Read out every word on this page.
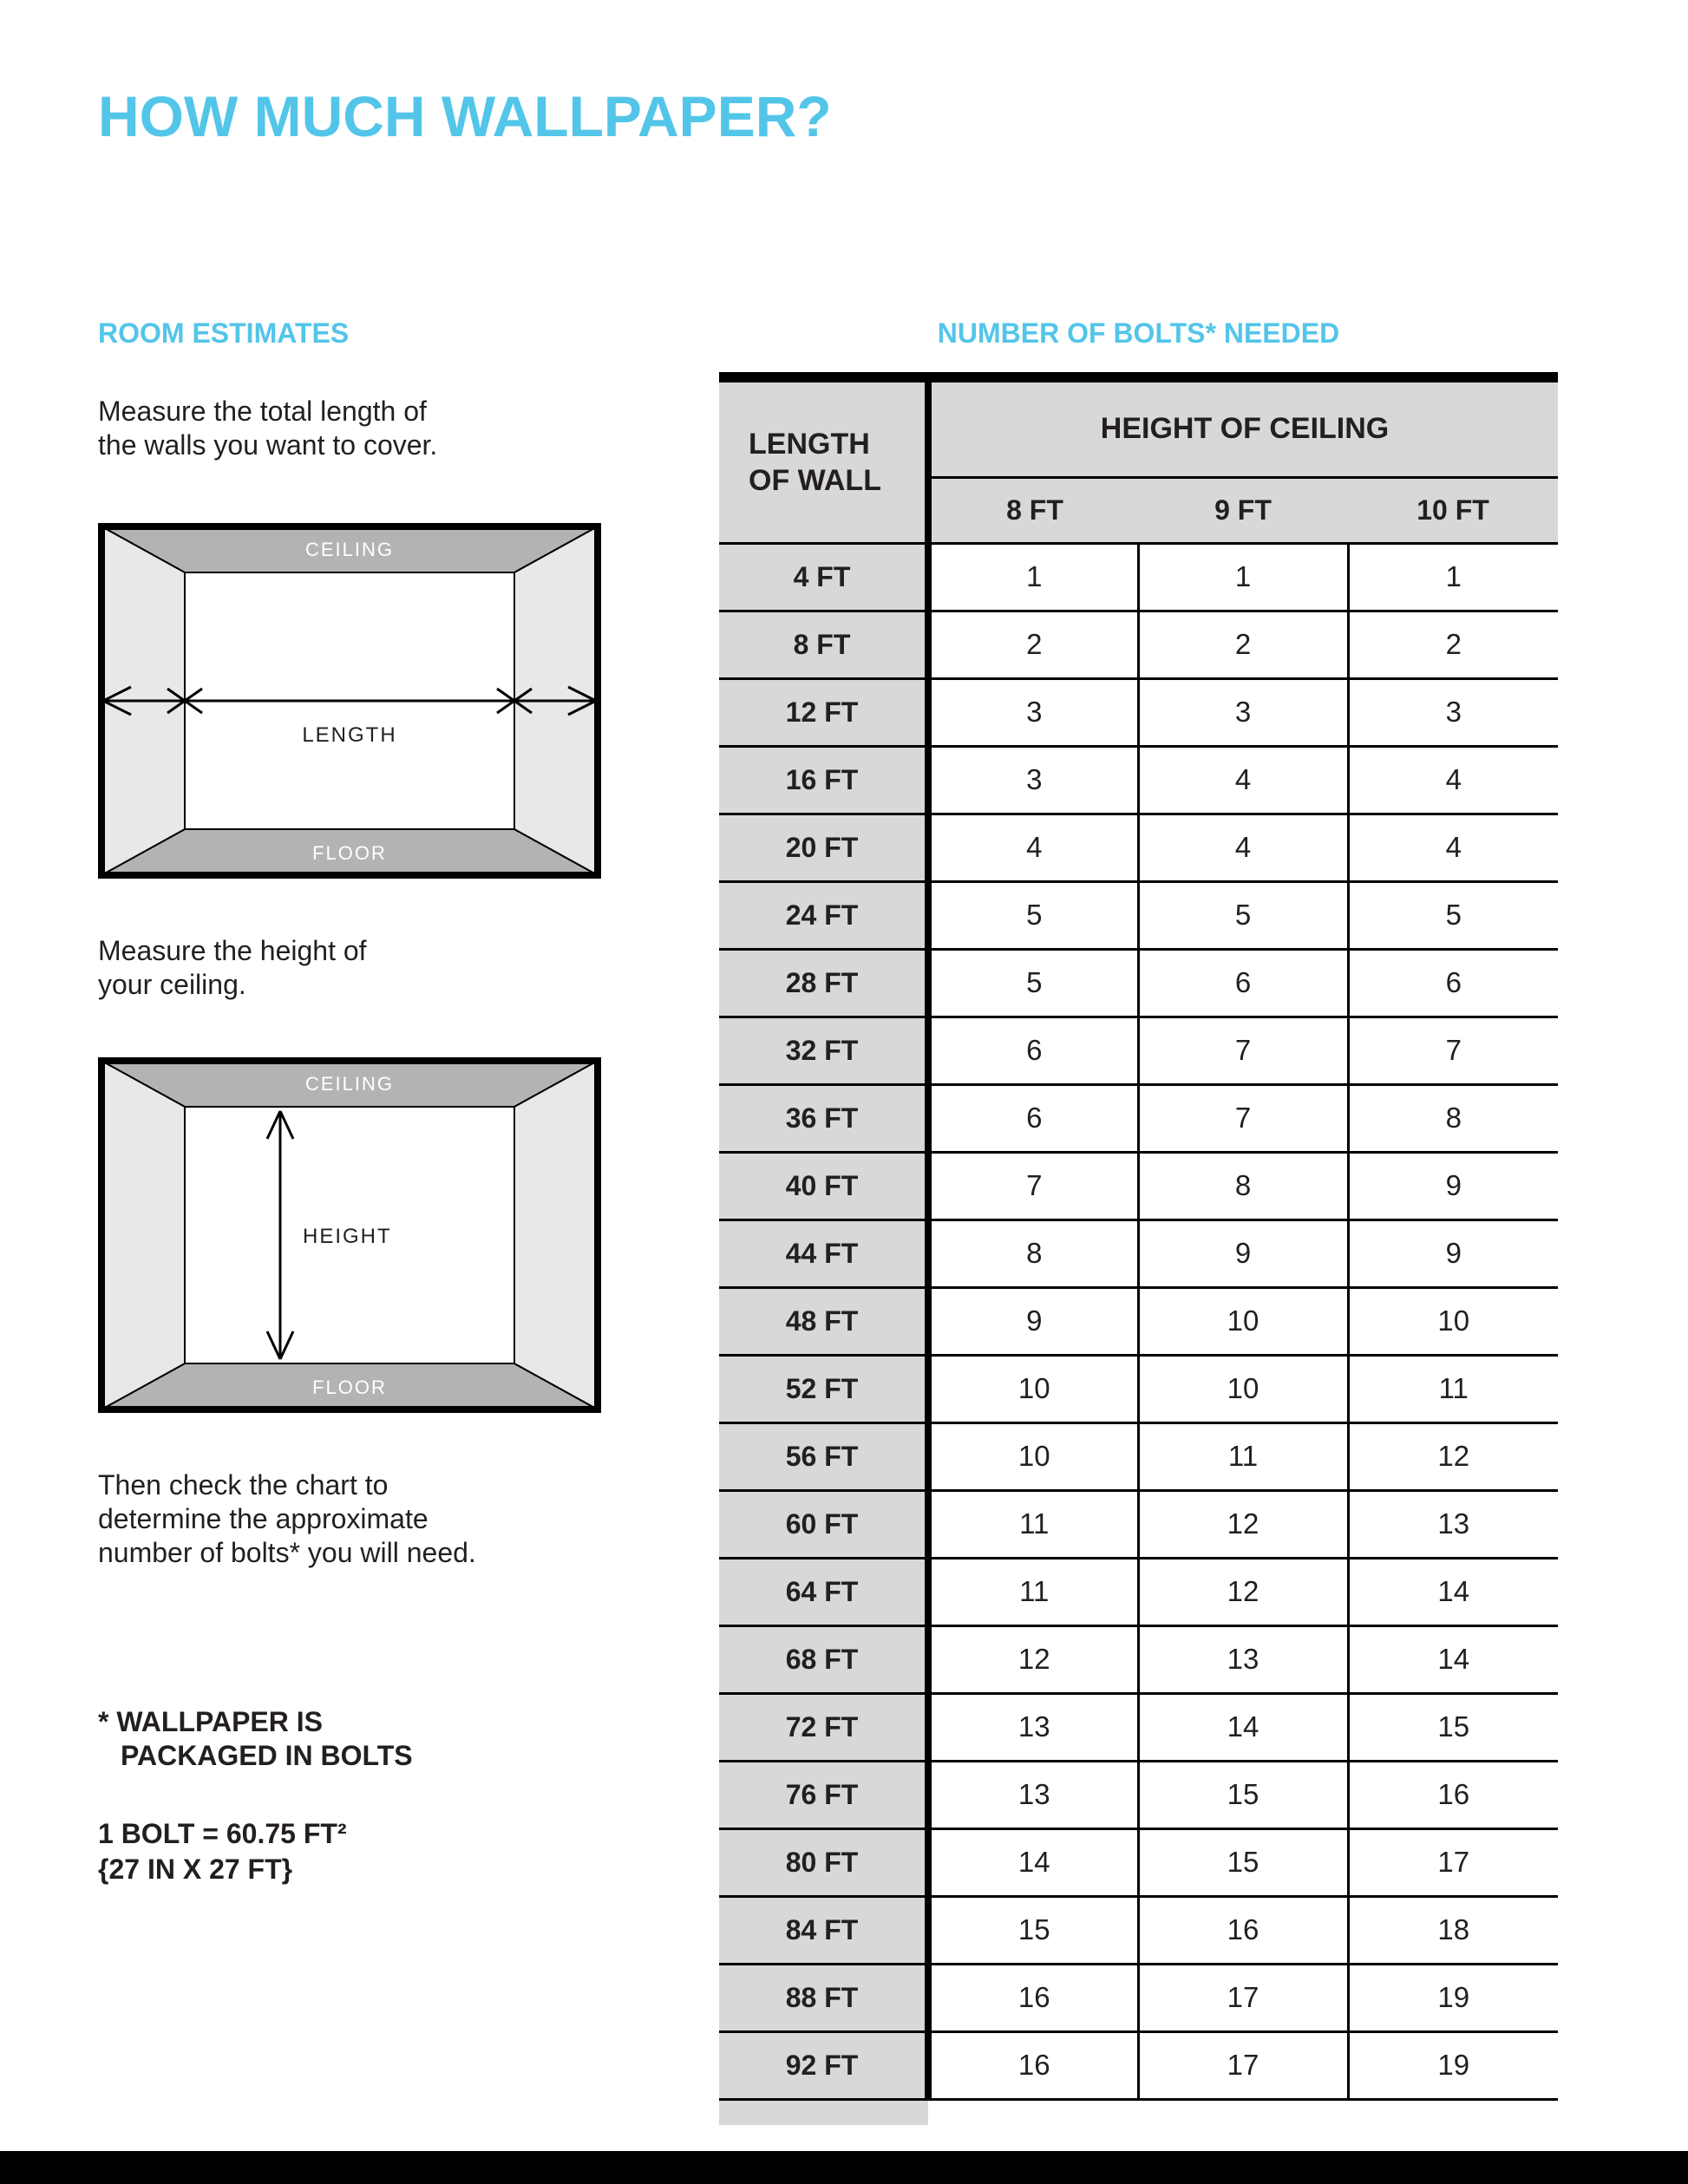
HOW MUCH WALLPAPER?
ROOM ESTIMATES
Measure the total length of
the walls you want to cover.
CEILING
FLOOR
LENGTH
Measure the height of
your ceiling.
CEILING
FLOOR
HEIGHT
Then check the chart to
determine the approximate
number of bolts* you will need.
* WALLPAPER IS
PACKAGED IN BOLTS
1 BOLT = 60.75 FT²
{27 IN X 27 FT}
NUMBER OF BOLTS* NEEDED
LENGTH
OF WALL	HEIGHT OF CEILING		
	8 FT	9 FT	10 FT
4 FT	1	1	1
8 FT	2	2	2
12 FT	3	3	3
16 FT	3	4	4
20 FT	4	4	4
24 FT	5	5	5
28 FT	5	6	6
32 FT	6	7	7
36 FT	6	7	8
40 FT	7	8	9
44 FT	8	9	9
48 FT	9	10	10
52 FT	10	10	11
56 FT	10	11	12
60 FT	11	12	13
64 FT	11	12	14
68 FT	12	13	14
72 FT	13	14	15
76 FT	13	15	16
80 FT	14	15	17
84 FT	15	16	18
88 FT	16	17	19
92 FT	16	17	19
